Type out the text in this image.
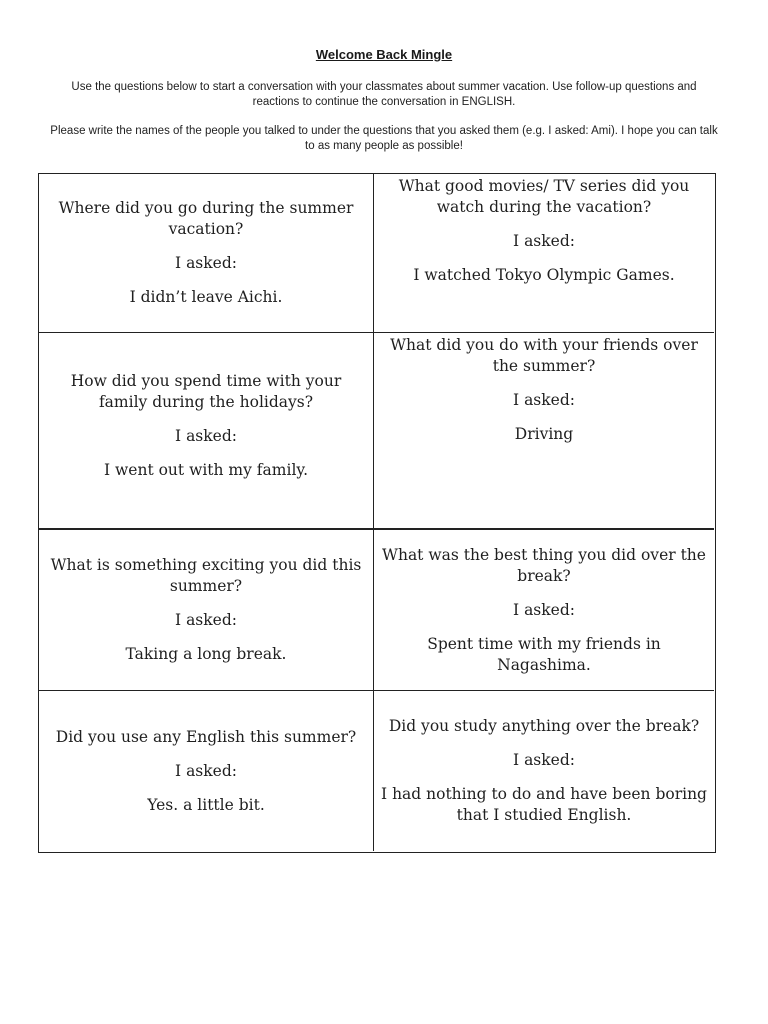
Welcome Back Mingle
Use the questions below to start a conversation with your classmates about summer vacation. Use follow-up questions and reactions to continue the conversation in ENGLISH.
Please write the names of the people you talked to under the questions that you asked them (e.g. I asked: Ami). I hope you can talk to as many people as possible!

Where did you go during the summer vacation?

I asked:

I didn’t leave Aichi.

What good movies/ TV series did you watch during the vacation?

I asked:

I watched Tokyo Olympic Games.

How did you spend time with your family during the holidays?

I asked:

I went out with my family.

What did you do with your friends over the summer?

I asked:

Driving

What is something exciting you did this summer?

I asked:

Taking a long break.

What was the best thing you did over the break?

I asked:

Spent time with my friends in Nagashima.

Did you use any English this summer?

I asked:

Yes. a little bit.

Did you study anything over the break?

I asked:

I had nothing to do and have been boring that I studied English.
